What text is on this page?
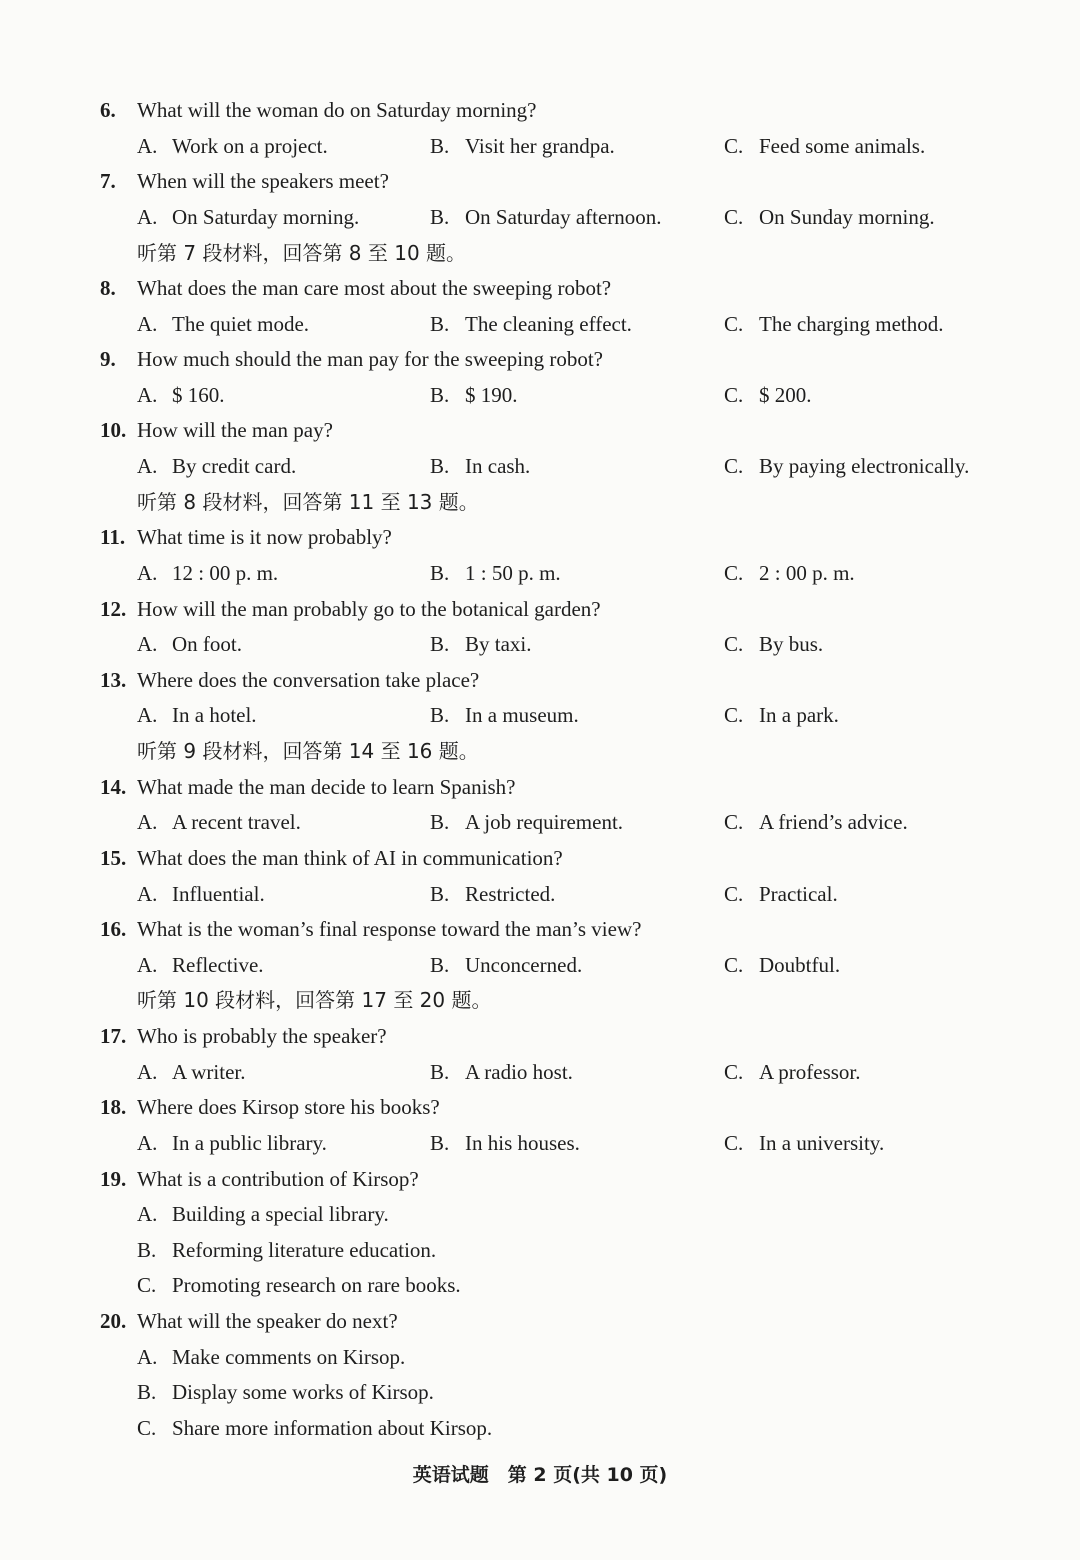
6. What will the woman do on Saturday morning?
A. Work on a project.	B. Visit her grandpa.	C. Feed some animals.
7. When will the speakers meet?
A. On Saturday morning.	B. On Saturday afternoon.	C. On Sunday morning.
听第 7 段材料，回答第 8 至 10 题。
8. What does the man care most about the sweeping robot?
A. The quiet mode.	B. The cleaning effect.	C. The charging method.
9. How much should the man pay for the sweeping robot?
A. $ 160.	B. $ 190.	C. $ 200.
10. How will the man pay?
A. By credit card.	B. In cash.	C. By paying electronically.
听第 8 段材料，回答第 11 至 13 题。
11. What time is it now probably?
A. 12 : 00 p. m.	B. 1 : 50 p. m.	C. 2 : 00 p. m.
12. How will the man probably go to the botanical garden?
A. On foot.	B. By taxi.	C. By bus.
13. Where does the conversation take place?
A. In a hotel.	B. In a museum.	C. In a park.
听第 9 段材料，回答第 14 至 16 题。
14. What made the man decide to learn Spanish?
A. A recent travel.	B. A job requirement.	C. A friend’s advice.
15. What does the man think of AI in communication?
A. Influential.	B. Restricted.	C. Practical.
16. What is the woman’s final response toward the man’s view?
A. Reflective.	B. Unconcerned.	C. Doubtful.
听第 10 段材料，回答第 17 至 20 题。
17. Who is probably the speaker?
A. A writer.	B. A radio host.	C. A professor.
18. Where does Kirsop store his books?
A. In a public library.	B. In his houses.	C. In a university.
19. What is a contribution of Kirsop?
A. Building a special library.
B. Reforming literature education.
C. Promoting research on rare books.
20. What will the speaker do next?
A. Make comments on Kirsop.
B. Display some works of Kirsop.
C. Share more information about Kirsop.
英语试题　第 2 页(共 10 页)
